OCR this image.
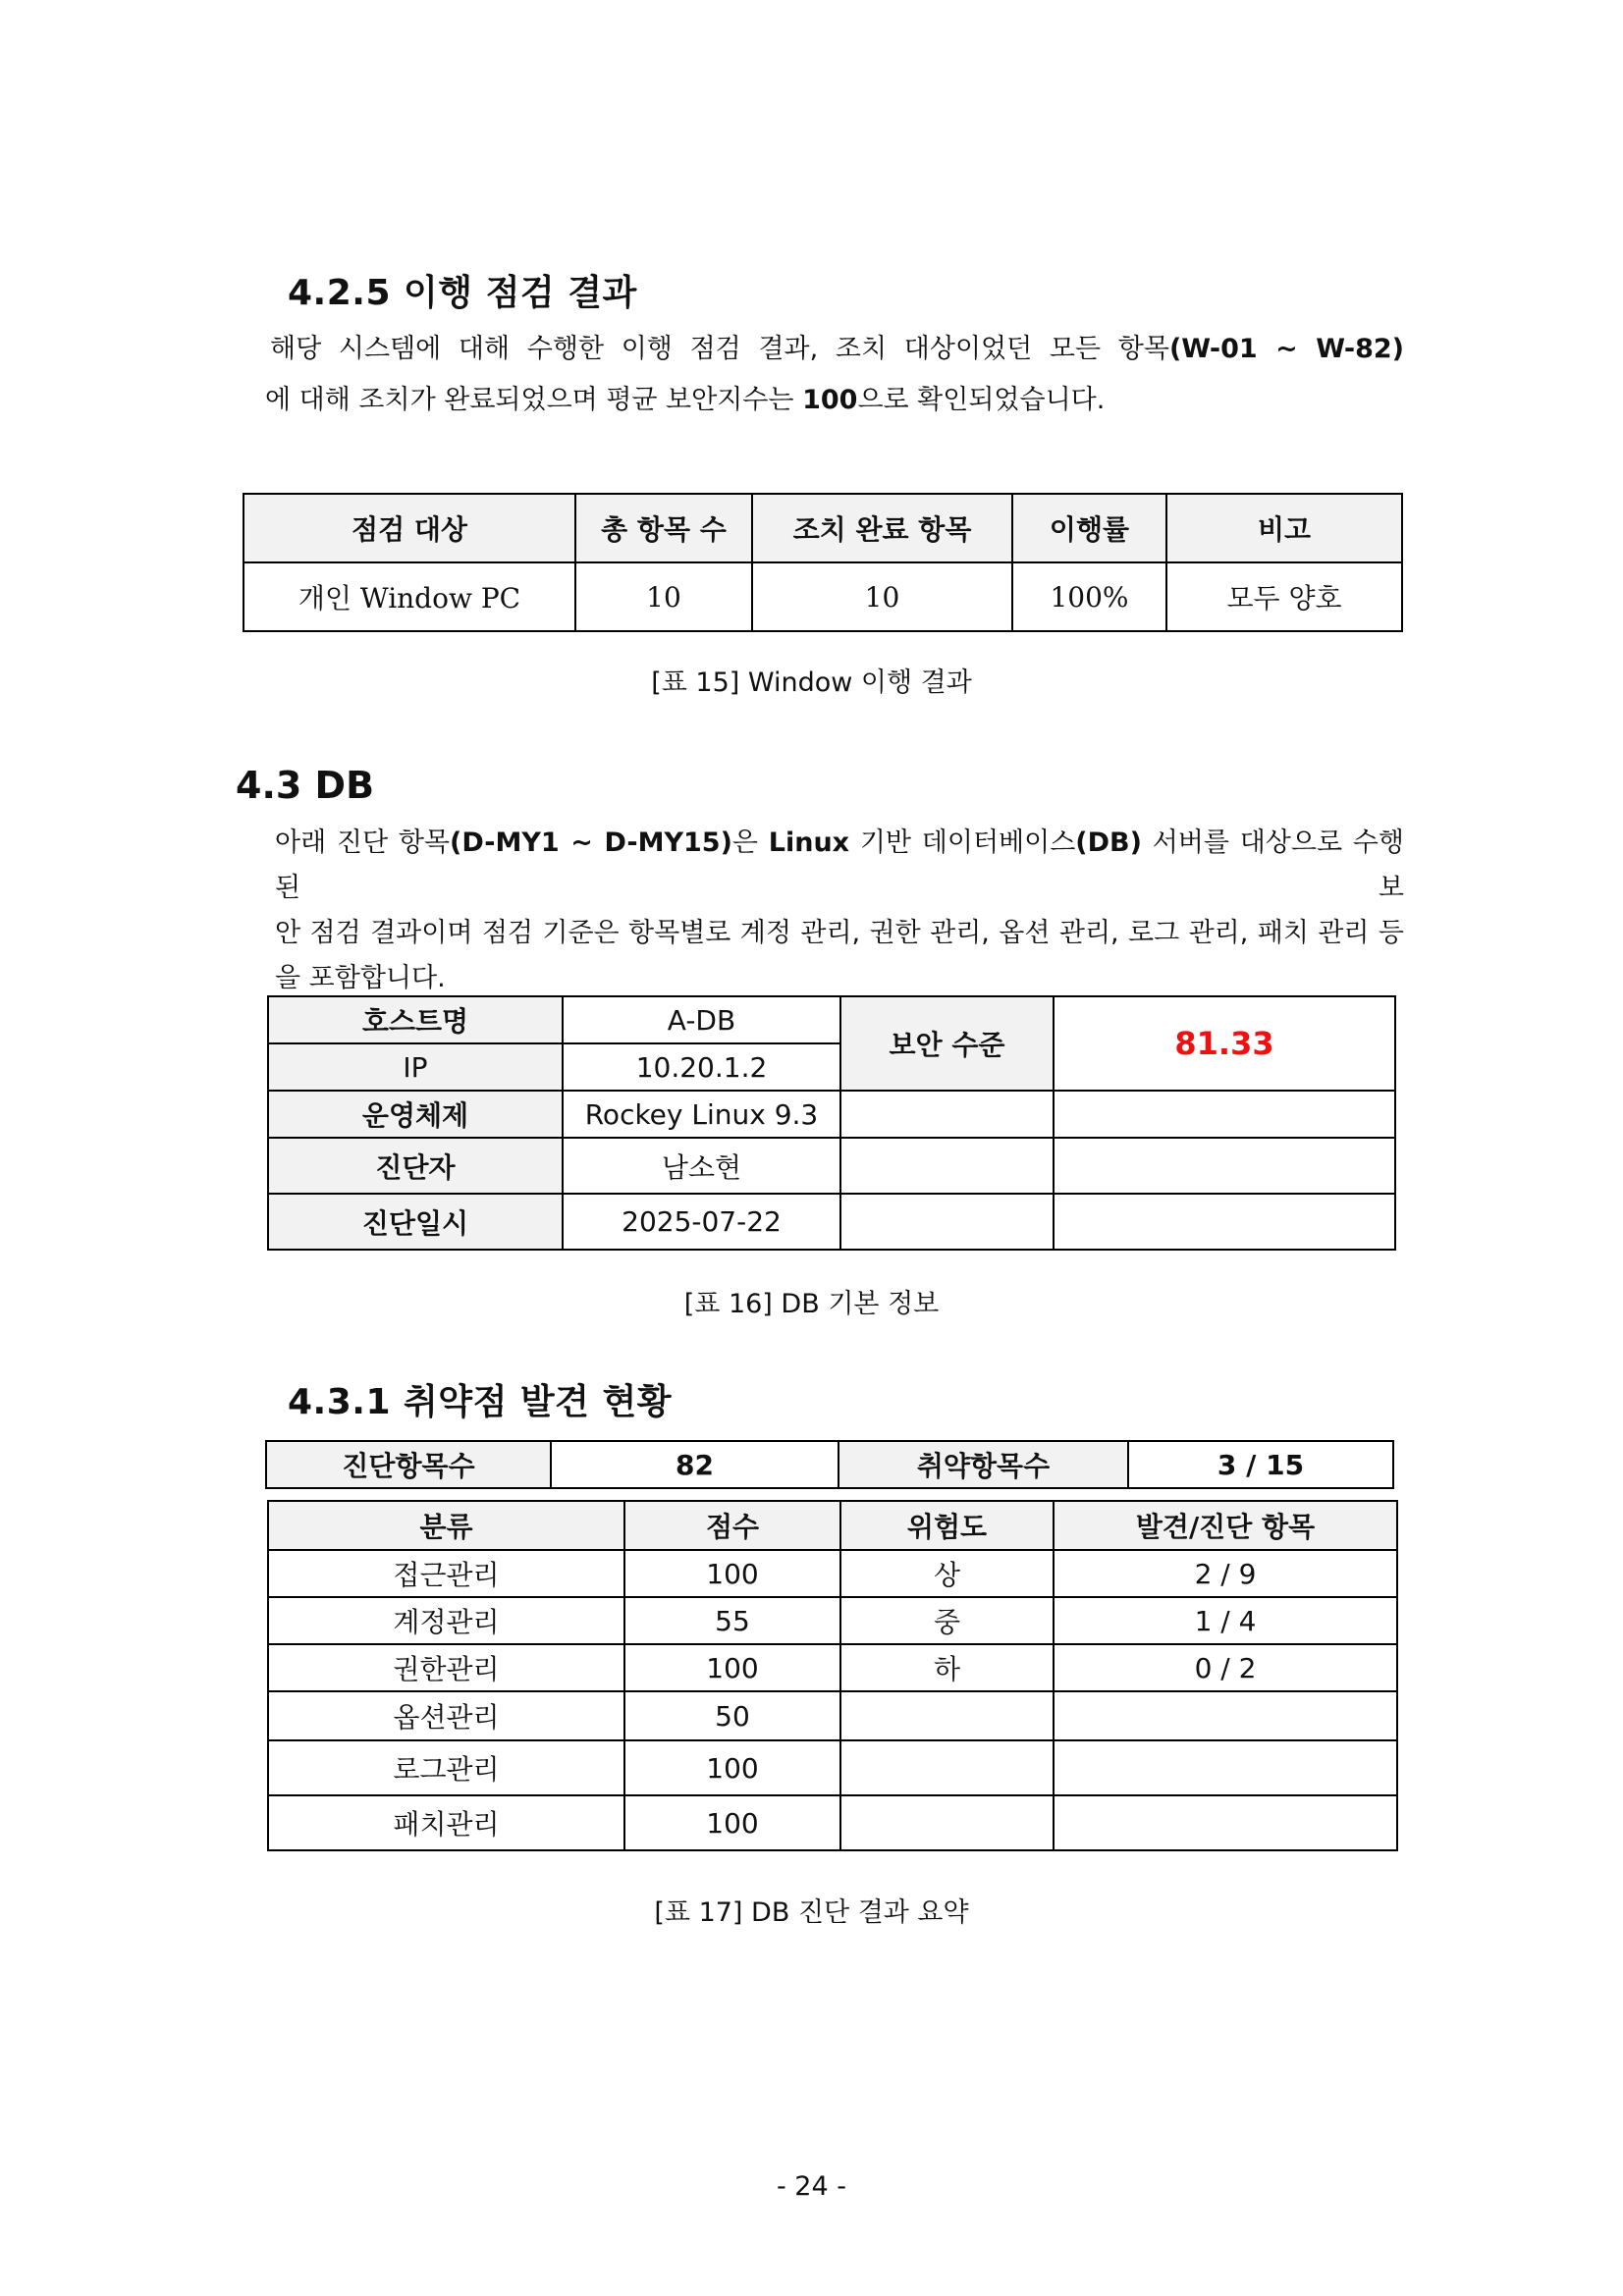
4.2.5 이행 점검 결과

해당 시스템에 대해 수행한 이행 점검 결과, 조치 대상이었던 모든 항목(W-01 ~ W-82)

에 대해 조치가 완료되었으며 평균 보안지수는 100으로 확인되었습니다.

점검 대상	총 항목 수	조치 완료 항목	이행률	비고
개인 Window PC	10	10	100%	모두 양호
[표 15] Window 이행 결과
4.3 DB

아래 진단 항목(D-MY1 ~ D-MY15)은 Linux 기반 데이터베이스(DB) 서버를 대상으로 수행된 보

안 점검 결과이며 점검 기준은 항목별로 계정 관리, 권한 관리, 옵션 관리, 로그 관리, 패치 관리 등

을 포함합니다.

호스트명	A-DB	보안 수준	81.33
IP	10.20.1.2		
운영체제	Rockey Linux 9.3		
진단자	남소현		
진단일시	2025-07-22		
[표 16] DB 기본 정보
4.3.1 취약점 발견 현황
진단항목수	82	취약항목수	3 / 15
분류	점수	위험도	발견/진단 항목
접근관리	100	상	2 / 9
계정관리	55	중	1 / 4
권한관리	100	하	0 / 2
옵션관리	50		
로그관리	100		
패치관리	100		
[표 17] DB 진단 결과 요약
- 24 -
